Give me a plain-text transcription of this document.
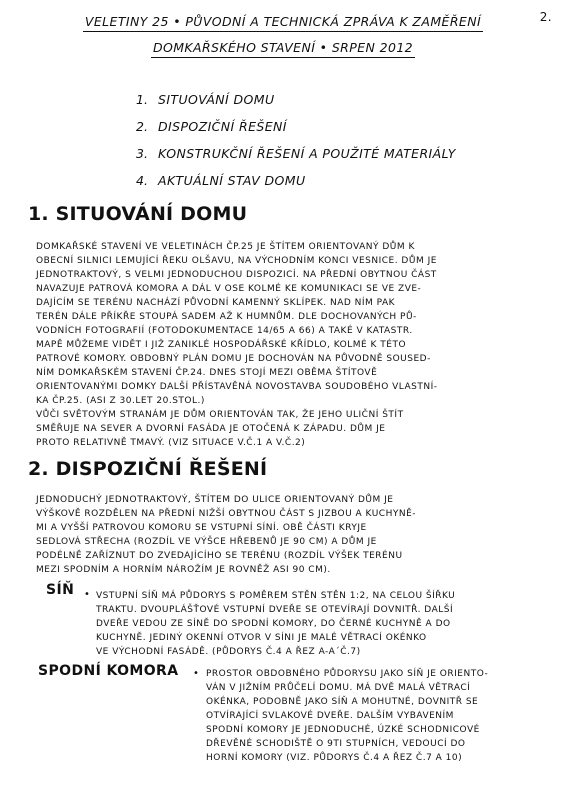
2.
VELETINY 25 • PŮVODNÍ A TECHNICKÁ ZPRÁVA K ZAMĚŘENÍ
DOMKAŘSKÉHO STAVENÍ • SRPEN 2012
1. SITUOVÁNÍ DOMU
2. DISPOZIČNÍ ŘEŠENÍ
3. KONSTRUKČNÍ ŘEŠENÍ A POUŽITÉ MATERIÁLY
4. AKTUÁLNÍ STAV DOMU
1. SITUOVÁNÍ DOMU
DOMKAŘSKÉ STAVENÍ VE VELETINÁCH ČP.25 JE ŠTÍTEM ORIENTOVANÝ DŮM K
OBECNÍ SILNICI LEMUJÍCÍ ŘEKU OLŠAVU, NA VÝCHODNÍM KONCI VESNICE. DŮM JE
JEDNOTRAKTOVÝ, S VELMI JEDNODUCHOU DISPOZICÍ. NA PŘEDNÍ OBYTNOU ČÁST
NAVAZUJE PATROVÁ KOMORA A DÁL V OSE KOLMÉ KE KOMUNIKACI SE VE ZVE-
DAJÍCÍM SE TERÉNU NACHÁZÍ PŮVODNÍ KAMENNÝ SKLÍPEK. NAD NÍM PAK
TERÉN DÁLE PŘÍKŘE STOUPÁ SADEM AŽ K HUMNŮM. DLE DOCHOVANÝCH PŮ-
VODNÍCH FOTOGRAFIÍ (FOTODOKUMENTACE 14/65 A 66) A TAKÉ V KATASTR.
MAPĚ MŮŽEME VIDĚT I JIŽ ZANIKLÉ HOSPODÁŘSKÉ KŘÍDLO, KOLMÉ K TÉTO
PATROVÉ KOMORY. OBDOBNÝ PLÁN DOMU JE DOCHOVÁN NA PŮVODNĚ SOUSED-
NÍM DOMKAŘSKÉM STAVENÍ ČP.24. DNES STOJÍ MEZI OBĚMA ŠTÍTOVĚ
ORIENTOVANÝMI DOMKY DALŠÍ PŘÍSTAVĚNÁ NOVOSTAVBA SOUDOBÉHO VLASTNÍ-
KA ČP.25. (ASI Z 30.LET 20.STOL.)
VŮČI SVĚTOVÝM STRANÁM JE DŮM ORIENTOVÁN TAK, ŽE JEHO ULIČNÍ ŠTÍT
SMĚŘUJE NA SEVER A DVORNÍ FASÁDA JE OTOČENÁ K ZÁPADU. DŮM JE
PROTO RELATIVNĚ TMAVÝ. (VIZ SITUACE V.Č.1 A V.Č.2)
2. DISPOZIČNÍ ŘEŠENÍ
JEDNODUCHÝ JEDNOTRAKTOVÝ, ŠTÍTEM DO ULICE ORIENTOVANÝ DŮM JE
VÝŠKOVĚ ROZDĚLEN NA PŘEDNÍ NIŽŠÍ OBYTNOU ČÁST S JIZBOU A KUCHYNĚ-
MI A VYŠŠÍ PATROVOU KOMORU SE VSTUPNÍ SÍNÍ. OBĚ ČÁSTI KRYJE
SEDLOVÁ STŘECHA (ROZDÍL VE VÝŠCE HŘEBENŮ JE 90 CM) A DŮM JE
PODÉLNĚ ZAŘÍZNUT DO ZVEDAJÍCÍHO SE TERÉNU (ROZDÍL VÝŠEK TERÉNU
MEZI SPODNÍM A HORNÍM NÁROŽÍM JE ROVNĚŽ ASI 90 CM).
SÍŇ • VSTUPNÍ SÍŇ MÁ PŮDORYS S POMĚREM STĚN STĚN 1:2, NA CELOU ŠÍŘKU
TRAKTU. DVOUPLÁŠŤOVÉ VSTUPNÍ DVEŘE SE OTEVÍRAJÍ DOVNITŘ. DALŠÍ
DVEŘE VEDOU ZE SÍNĚ DO SPODNÍ KOMORY, DO ČERNÉ KUCHYNĚ A DO
KUCHYNĚ. JEDINÝ OKENNÍ OTVOR V SÍNI JE MALÉ VĚTRACÍ OKÉNKO
VE VÝCHODNÍ FASÁDĚ. (PŮDORYS Č.4 A ŘEZ A-A´Č.7)
SPODNÍ KOMORA • PROSTOR OBDOBNÉHO PŮDORYSU JAKO SÍŇ JE ORIENTO-
VÁN V JIŽNÍM PRŮČELÍ DOMU. MÁ DVĚ MALÁ VĚTRACÍ
OKÉNKA, PODOBNĚ JAKO SÍŇ A MOHUTNÉ, DOVNITŘ SE
OTVÍRAJÍCÍ SVLAKOVÉ DVEŘE. DALŠÍM VYBAVENÍM
SPODNÍ KOMORY JE JEDNODUCHÉ, ÚZKÉ SCHODNICOVÉ
DŘEVĚNÉ SCHODIŠTĚ O 9TI STUPNÍCH, VEDOUCÍ DO
HORNÍ KOMORY (VIZ. PŮDORYS Č.4 A ŘEZ Č.7 A 10)
